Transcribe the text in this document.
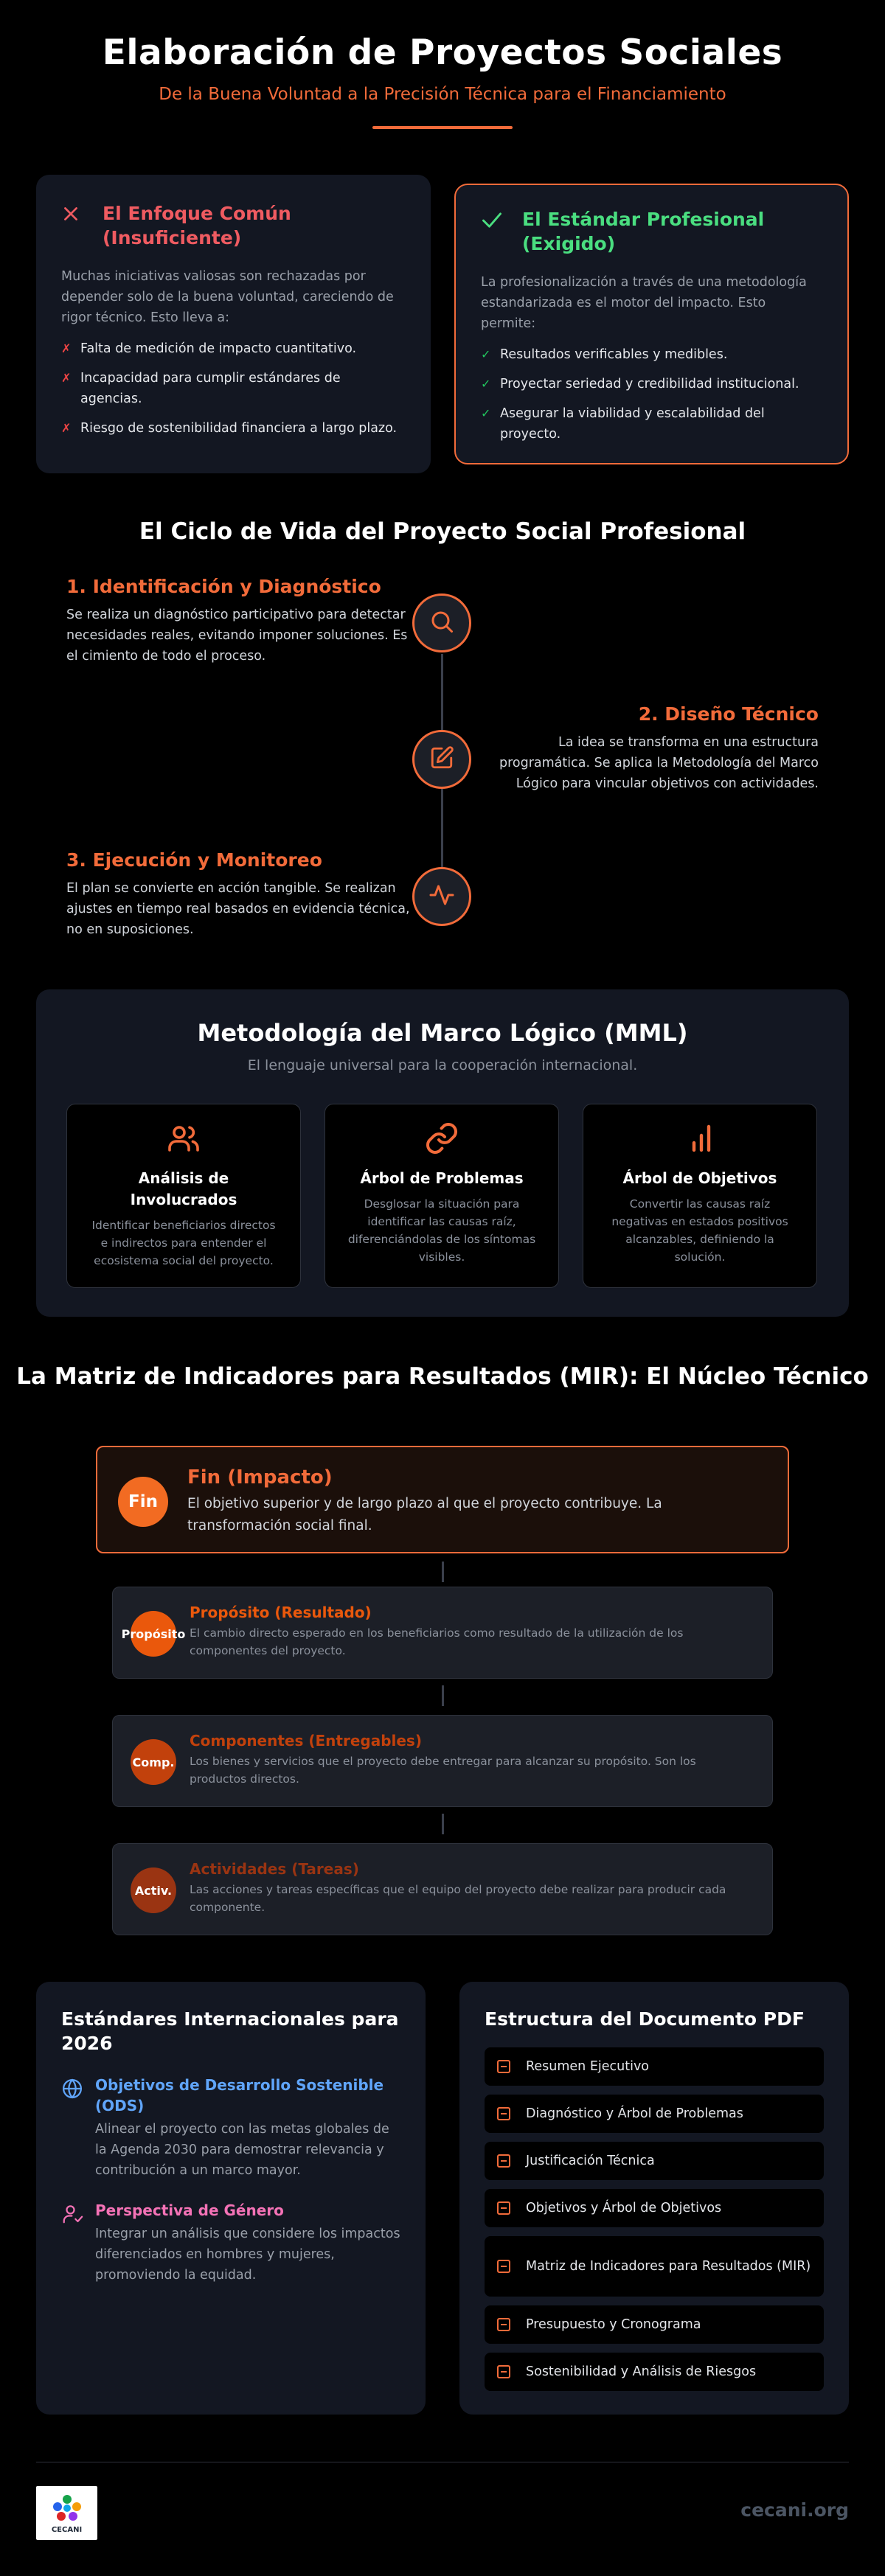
Elaboración de Proyectos Sociales
De la Buena Voluntad a la Precisión Técnica para el Financiamiento
El Enfoque Común (Insuficiente)

Muchas iniciativas valiosas son rechazadas por depender solo de la buena voluntad, careciendo de rigor técnico. Esto lleva a:

✗ Falta de medición de impacto cuantitativo.
✗ Incapacidad para cumplir estándares de agencias.
✗ Riesgo de sostenibilidad financiera a largo plazo.
El Estándar Profesional (Exigido)

La profesionalización a través de una metodología estandarizada es el motor del impacto. Esto permite:

✓ Resultados verificables y medibles.
✓ Proyectar seriedad y credibilidad institucional.
✓ Asegurar la viabilidad y escalabilidad del proyecto.
El Ciclo de Vida del Proyecto Social Profesional
1. Identificación y Diagnóstico

Se realiza un diagnóstico participativo para detectar necesidades reales, evitando imponer soluciones. Es el cimiento de todo el proceso.

2. Diseño Técnico

La idea se transforma en una estructura programática. Se aplica la Metodología del Marco Lógico para vincular objetivos con actividades.

3. Ejecución y Monitoreo

El plan se convierte en acción tangible. Se realizan ajustes en tiempo real basados en evidencia técnica, no en suposiciones.

Metodología del Marco Lógico (MML)
El lenguaje universal para la cooperación internacional.
Análisis de Involucrados

Identificar beneficiarios directos e indirectos para entender el ecosistema social del proyecto.

Árbol de Problemas

Desglosar la situación para identificar las causas raíz, diferenciándolas de los síntomas visibles.

Árbol de Objetivos

Convertir las causas raíz negativas en estados positivos alcanzables, definiendo la solución.

La Matriz de Indicadores para Resultados (MIR): El Núcleo Técnico
Fin
Fin (Impacto)

El objetivo superior y de largo plazo al que el proyecto contribuye. La transformación social final.

Propósito
Propósito (Resultado)

El cambio directo esperado en los beneficiarios como resultado de la utilización de los componentes del proyecto.

Comp.
Componentes (Entregables)

Los bienes y servicios que el proyecto debe entregar para alcanzar su propósito. Son los productos directos.

Activ.
Actividades (Tareas)

Las acciones y tareas específicas que el equipo del proyecto debe realizar para producir cada componente.

Estándares Internacionales para 2026
Objetivos de Desarrollo Sostenible (ODS)

Alinear el proyecto con las metas globales de la Agenda 2030 para demostrar relevancia y contribución a un marco mayor.

Perspectiva de Género

Integrar un análisis que considere los impactos diferenciados en hombres y mujeres, promoviendo la equidad.

Estructura del Documento PDF
Resumen Ejecutivo
Diagnóstico y Árbol de Problemas
Justificación Técnica
Objetivos y Árbol de Objetivos
Matriz de Indicadores para Resultados (MIR)
Presupuesto y Cronograma
Sostenibilidad y Análisis de Riesgos
CECANI
cecani.org
